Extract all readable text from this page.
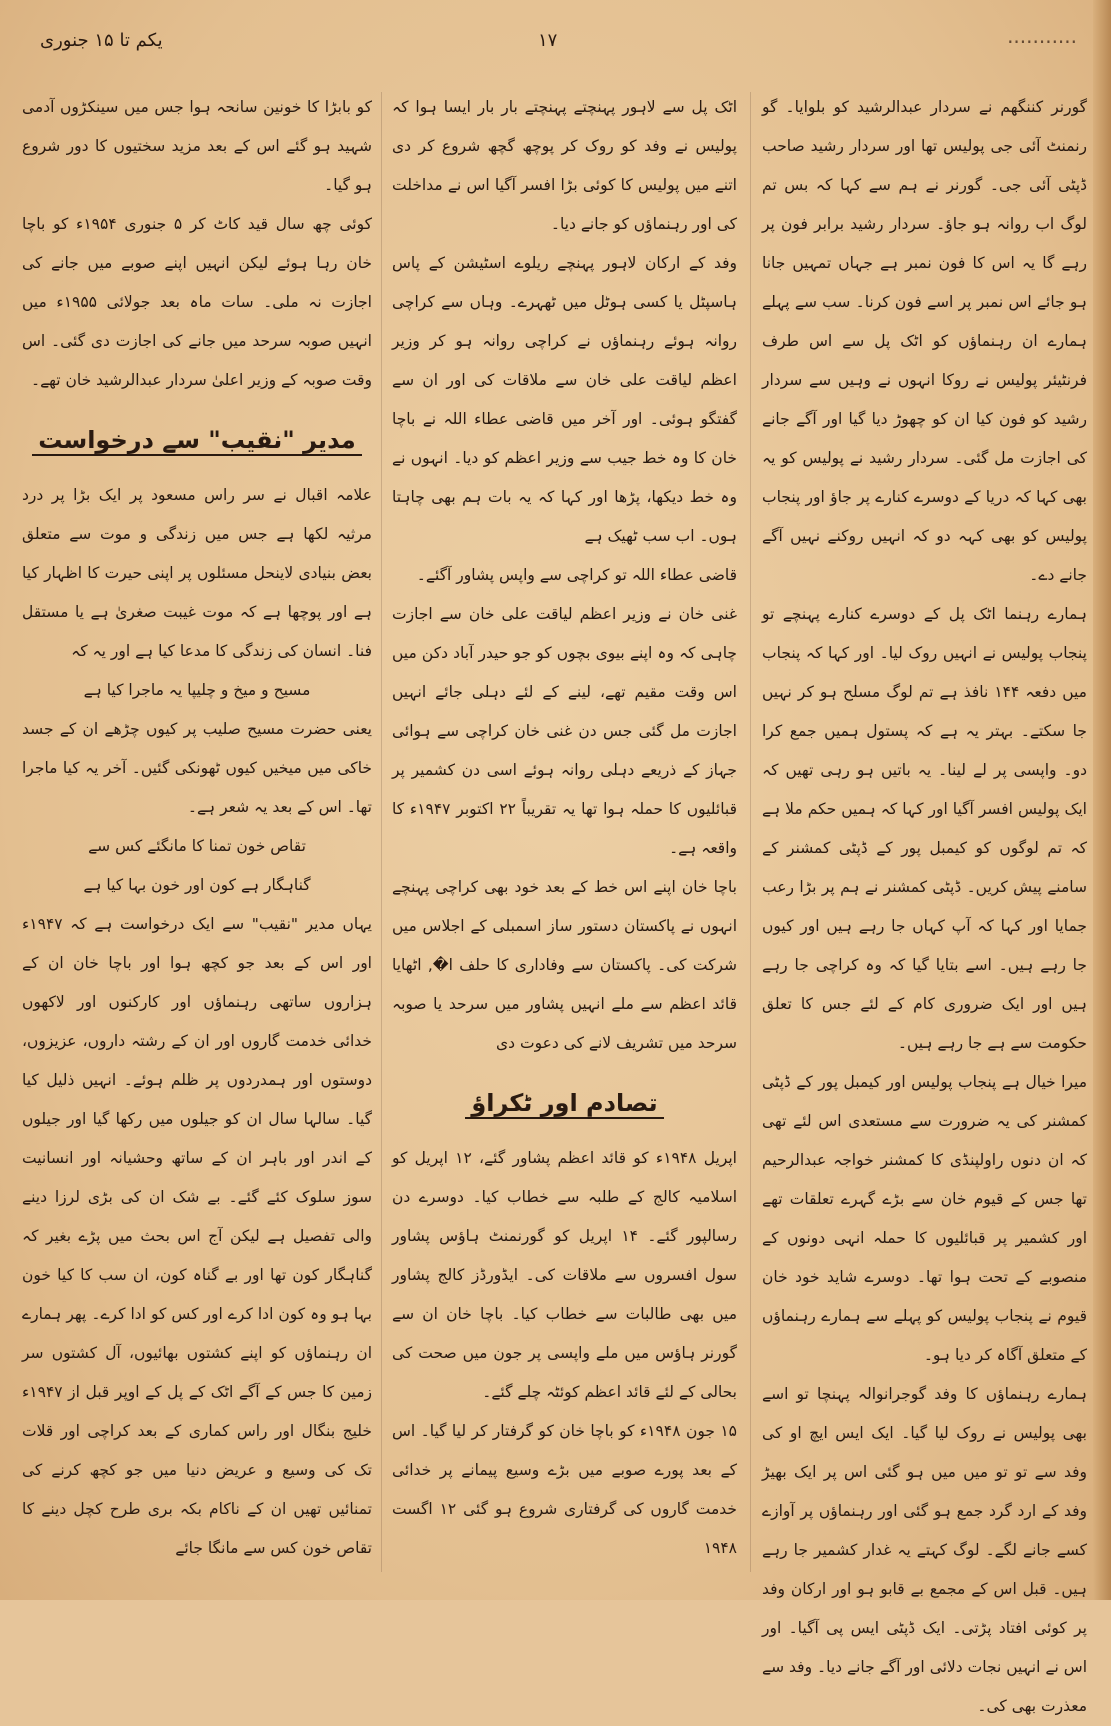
...........
۱۷
یکم تا ۱۵ جنوری

گورنر کننگھم نے سردار عبدالرشید کو بلوایا۔ گو رنمنٹ آئی جی پولیس تھا اور سردار رشید صاحب ڈپٹی آئی جی۔ گورنر نے ہم سے کہا کہ بس تم لوگ اب روانہ ہو جاؤ۔ سردار رشید برابر فون پر رہے گا یہ اس کا فون نمبر ہے جہاں تمہیں جانا ہو جائے اس نمبر پر اسے فون کرنا۔ سب سے پہلے ہمارے ان رہنماؤں کو اٹک پل سے اس طرف فرنٹیئر پولیس نے روکا انہوں نے وہیں سے سردار رشید کو فون کیا ان کو چھوڑ دیا گیا اور آگے جانے کی اجازت مل گئی۔ سردار رشید نے پولیس کو یہ بھی کہا کہ دریا کے دوسرے کنارے پر جاؤ اور پنجاب پولیس کو بھی کہہ دو کہ انہیں روکنے نہیں آگے جانے دے۔

ہمارے رہنما اٹک پل کے دوسرے کنارے پہنچے تو پنجاب پولیس نے انہیں روک لیا۔ اور کہا کہ پنجاب میں دفعہ ۱۴۴ نافذ ہے تم لوگ مسلح ہو کر نہیں جا سکتے۔ بہتر یہ ہے کہ پستول ہمیں جمع کرا دو۔ واپسی پر لے لینا۔ یہ باتیں ہو رہی تھیں کہ ایک پولیس افسر آگیا اور کہا کہ ہمیں حکم ملا ہے کہ تم لوگوں کو کیمبل پور کے ڈپٹی کمشنر کے سامنے پیش کریں۔ ڈپٹی کمشنر نے ہم پر بڑا رعب جمایا اور کہا کہ آپ کہاں جا رہے ہیں اور کیوں جا رہے ہیں۔ اسے بتایا گیا کہ وہ کراچی جا رہے ہیں اور ایک ضروری کام کے لئے جس کا تعلق حکومت سے ہے جا رہے ہیں۔

میرا خیال ہے پنجاب پولیس اور کیمبل پور کے ڈپٹی کمشنر کی یہ ضرورت سے مستعدی اس لئے تھی کہ ان دنوں راولپنڈی کا کمشنر خواجہ عبدالرحیم تھا جس کے قیوم خان سے بڑے گہرے تعلقات تھے اور کشمیر پر قبائلیوں کا حملہ انہی دونوں کے منصوبے کے تحت ہوا تھا۔ دوسرے شاید خود خان قیوم نے پنجاب پولیس کو پہلے سے ہمارے رہنماؤں کے متعلق آگاہ کر دیا ہو۔

ہمارے رہنماؤں کا وفد گوجرانوالہ پہنچا تو اسے بھی پولیس نے روک لیا گیا۔ ایک ایس ایچ او کی وفد سے تو تو میں میں ہو گئی اس پر ایک بھیڑ وفد کے ارد گرد جمع ہو گئی اور رہنماؤں پر آوازے کسے جانے لگے۔ لوگ کہتے یہ غدار کشمیر جا رہے ہیں۔ قبل اس کے مجمع بے قابو ہو اور ارکان وفد پر کوئی افتاد پڑتی۔ ایک ڈپٹی ایس پی آگیا۔ اور اس نے انہیں نجات دلائی اور آگے جانے دیا۔ وفد سے معذرت بھی کی۔

اٹک پل سے لاہور پہنچتے پہنچتے بار بار ایسا ہوا کہ پولیس نے وفد کو روک کر پوچھ گچھ شروع کر دی اتنے میں پولیس کا کوئی بڑا افسر آگیا اس نے مداخلت کی اور رہنماؤں کو جانے دیا۔

وفد کے ارکان لاہور پہنچے ریلوے اسٹیشن کے پاس ہاسپٹل یا کسی ہوٹل میں ٹھہرے۔ وہاں سے کراچی روانہ ہوئے رہنماؤں نے کراچی روانہ ہو کر وزیر اعظم لیاقت علی خان سے ملاقات کی اور ان سے گفتگو ہوئی۔ اور آخر میں قاضی عطاء اللہ نے باچا خان کا وہ خط جیب سے وزیر اعظم کو دیا۔ انہوں نے وہ خط دیکھا، پڑھا اور کہا کہ یہ بات ہم بھی چاہتا ہوں۔ اب سب ٹھیک ہے

قاضی عطاء اللہ تو کراچی سے واپس پشاور آگئے۔

غنی خان نے وزیر اعظم لیاقت علی خان سے اجازت چاہی کہ وہ اپنے بیوی بچوں کو جو حیدر آباد دکن میں اس وقت مقیم تھے، لینے کے لئے دہلی جائے انہیں اجازت مل گئی جس دن غنی خان کراچی سے ہوائی جہاز کے ذریعے دہلی روانہ ہوئے اسی دن کشمیر پر قبائلیوں کا حملہ ہوا تھا یہ تقریباً ۲۲ اکتوبر ۱۹۴۷ء کا واقعہ ہے۔

باچا خان اپنے اس خط کے بعد خود بھی کراچی پہنچے انہوں نے پاکستان دستور ساز اسمبلی کے اجلاس میں شرکت کی۔ پاکستان سے وفاداری کا حلف ا�, اٹھایا قائد اعظم سے ملے انہیں پشاور میں سرحد یا صوبہ سرحد میں تشریف لانے کی دعوت دی

تصادم اور ٹکراؤ

اپریل ۱۹۴۸ء کو قائد اعظم پشاور گئے، ۱۲ اپریل کو اسلامیہ کالج کے طلبہ سے خطاب کیا۔ دوسرے دن رسالپور گئے۔ ۱۴ اپریل کو گورنمنٹ ہاؤس پشاور سول افسروں سے ملاقات کی۔ ایڈورڈز کالج پشاور میں بھی طالبات سے خطاب کیا۔ باچا خان ان سے گورنر ہاؤس میں ملے واپسی پر جون میں صحت کی بحالی کے لئے قائد اعظم کوئٹہ چلے گئے۔

۱۵ جون ۱۹۴۸ء کو باچا خان کو گرفتار کر لیا گیا۔ اس کے بعد پورے صوبے میں بڑے وسیع پیمانے پر خدائی خدمت گاروں کی گرفتاری شروع ہو گئی ۱۲ اگست ۱۹۴۸

کو بابڑا کا خونین سانحہ ہوا جس میں سینکڑوں آدمی شہید ہو گئے اس کے بعد مزید سختیوں کا دور شروع ہو گیا۔

کوئی چھ سال قید کاٹ کر ۵ جنوری ۱۹۵۴ء کو باچا خان رہا ہوئے لیکن انہیں اپنے صوبے میں جانے کی اجازت نہ ملی۔ سات ماہ بعد جولائی ۱۹۵۵ء میں انہیں صوبہ سرحد میں جانے کی اجازت دی گئی۔ اس وقت صوبہ کے وزیر اعلیٰ سردار عبدالرشید خان تھے۔

مدیر "نقیب" سے درخواست

علامہ اقبال نے سر راس مسعود پر ایک بڑا پر درد مرثیہ لکھا ہے جس میں زندگی و موت سے متعلق بعض بنیادی لاینحل مسئلوں پر اپنی حیرت کا اظہار کیا ہے اور پوچھا ہے کہ موت غیبت صغریٰ ہے یا مستقل فنا۔ انسان کی زندگی کا مدعا کیا ہے اور یہ کہ

مسیح و میخ و چلیپا یہ ماجرا کیا ہے

یعنی حضرت مسیح صلیب پر کیوں چڑھے ان کے جسد خاکی میں میخیں کیوں ٹھونکی گئیں۔ آخر یہ کیا ماجرا تھا۔ اس کے بعد یہ شعر ہے۔

تقاص خون تمنا کا مانگئے کس سے

گناہگار ہے کون اور خون بہا کیا ہے

یہاں مدیر "نقیب" سے ایک درخواست ہے کہ ۱۹۴۷ء اور اس کے بعد جو کچھ ہوا اور باچا خان ان کے ہزاروں ساتھی رہنماؤں اور کارکنوں اور لاکھوں خدائی خدمت گاروں اور ان کے رشتہ داروں، عزیزوں، دوستوں اور ہمدردوں پر ظلم ہوئے۔ انہیں ذلیل کیا گیا۔ سالہا سال ان کو جیلوں میں رکھا گیا اور جیلوں کے اندر اور باہر ان کے ساتھ وحشیانہ اور انسانیت سوز سلوک کئے گئے۔ بے شک ان کی بڑی لرزا دینے والی تفصیل ہے لیکن آج اس بحث میں پڑے بغیر کہ گناہگار کون تھا اور بے گناہ کون، ان سب کا کیا خون بہا ہو وہ کون ادا کرے اور کس کو ادا کرے۔ پھر ہمارے ان رہنماؤں کو اپنے کشتوں بھائیوں، آل کشتوں سر زمین کا جس کے آگے اٹک کے پل کے اوپر قبل از ۱۹۴۷ء خلیج بنگال اور راس کماری کے بعد کراچی اور قلات تک کی وسیع و عریض دنیا میں جو کچھ کرنے کی تمنائیں تھیں ان کے ناکام بکہ بری طرح کچل دینے کا تقاص خون کس سے مانگا جائے
